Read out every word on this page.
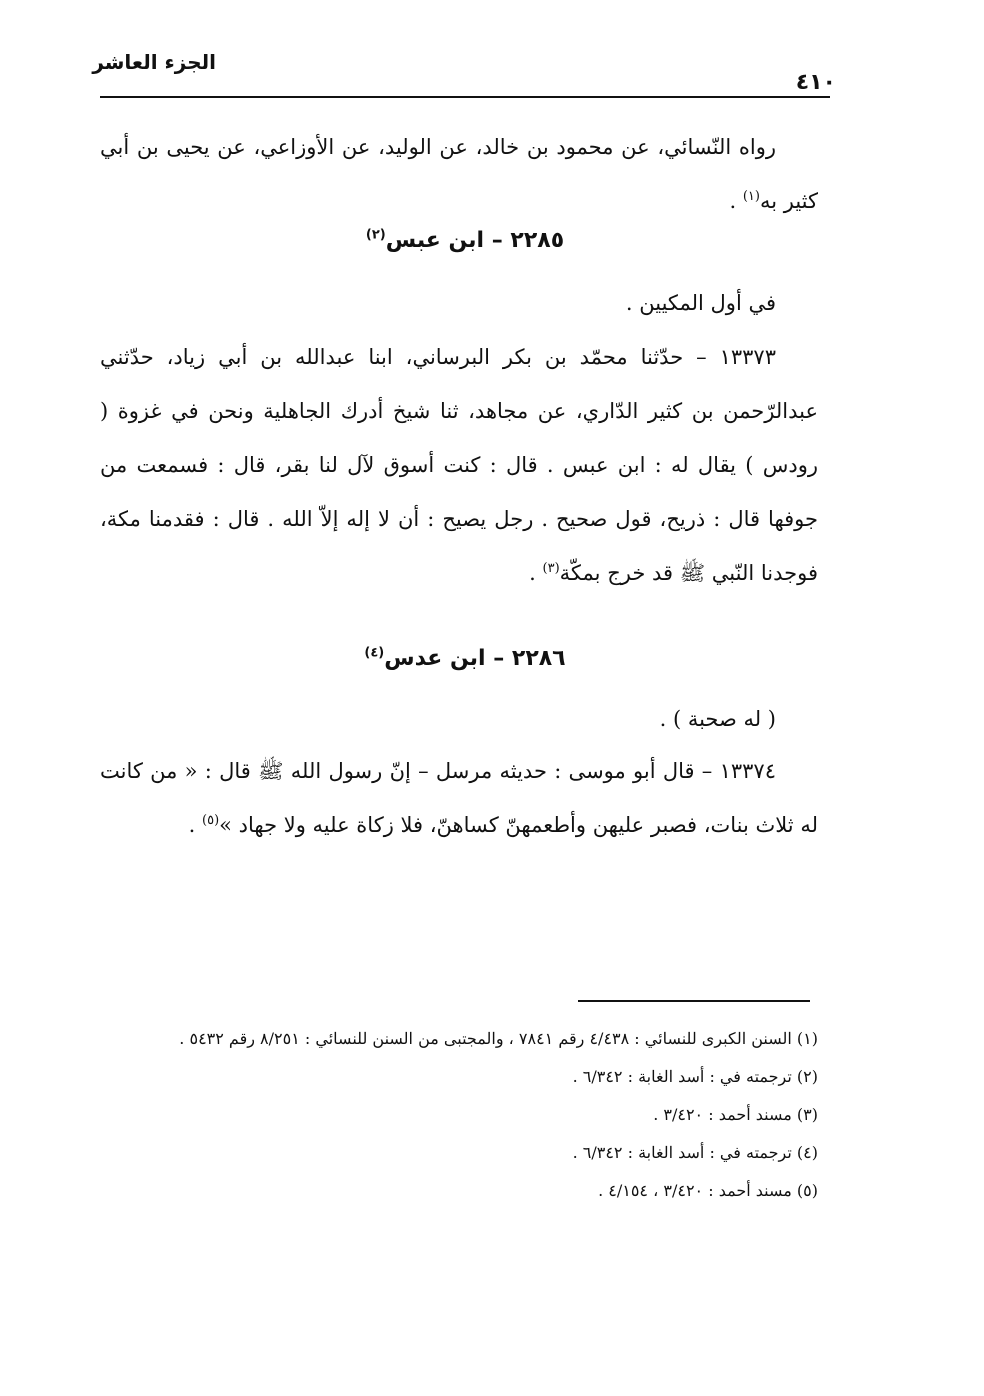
الجزء العاشر
٤١٠
رواه النّسائي، عن محمود بن خالد، عن الوليد، عن الأوزاعي، عن يحيى بن أبي كثير به$^{(١)}$ .
٢٢٨٥ – ابن عبس$^{(٢)}$
في أول المكيين .
١٣٣٧٣ – حدّثنا محمّد بن بكر البرساني، ابنا عبدالله بن أبي زياد، حدّثني عبدالرّحمن بن كثير الدّاري، عن مجاهد، ثنا شيخ أدرك الجاهلية ونحن في غزوة ( رودس ) يقال له : ابن عبس . قال : كنت أسوق لآل لنا بقر، قال : فسمعت من جوفها قال : ذريح، قول صحيح . رجل يصيح : أن لا إله إلاّ الله . قال : فقدمنا مكة، فوجدنا النّبي ﷺ قد خرج بمكّة$^{(٣)}$ .
٢٢٨٦ – ابن عدس$^{(٤)}$
( له صحبة ) .
١٣٣٧٤ – قال أبو موسى : حديثه مرسل – إنّ رسول الله ﷺ قال : « من كانت له ثلاث بنات، فصبر عليهن وأطعمهنّ كساهنّ، فلا زكاة عليه ولا جهاد »$^{(٥)}$ .
(١) السنن الكبرى للنسائي : ٤/٤٣٨ رقم ٧٨٤١ ، والمجتبى من السنن للنسائي : ٨/٢٥١ رقم ٥٤٣٢ .
(٢) ترجمته في : أسد الغابة : ٦/٣٤٢ .
(٣) مسند أحمد : ٣/٤٢٠ .
(٤) ترجمته في : أسد الغابة : ٦/٣٤٢ .
(٥) مسند أحمد : ٣/٤٢٠ ، ٤/١٥٤ .
